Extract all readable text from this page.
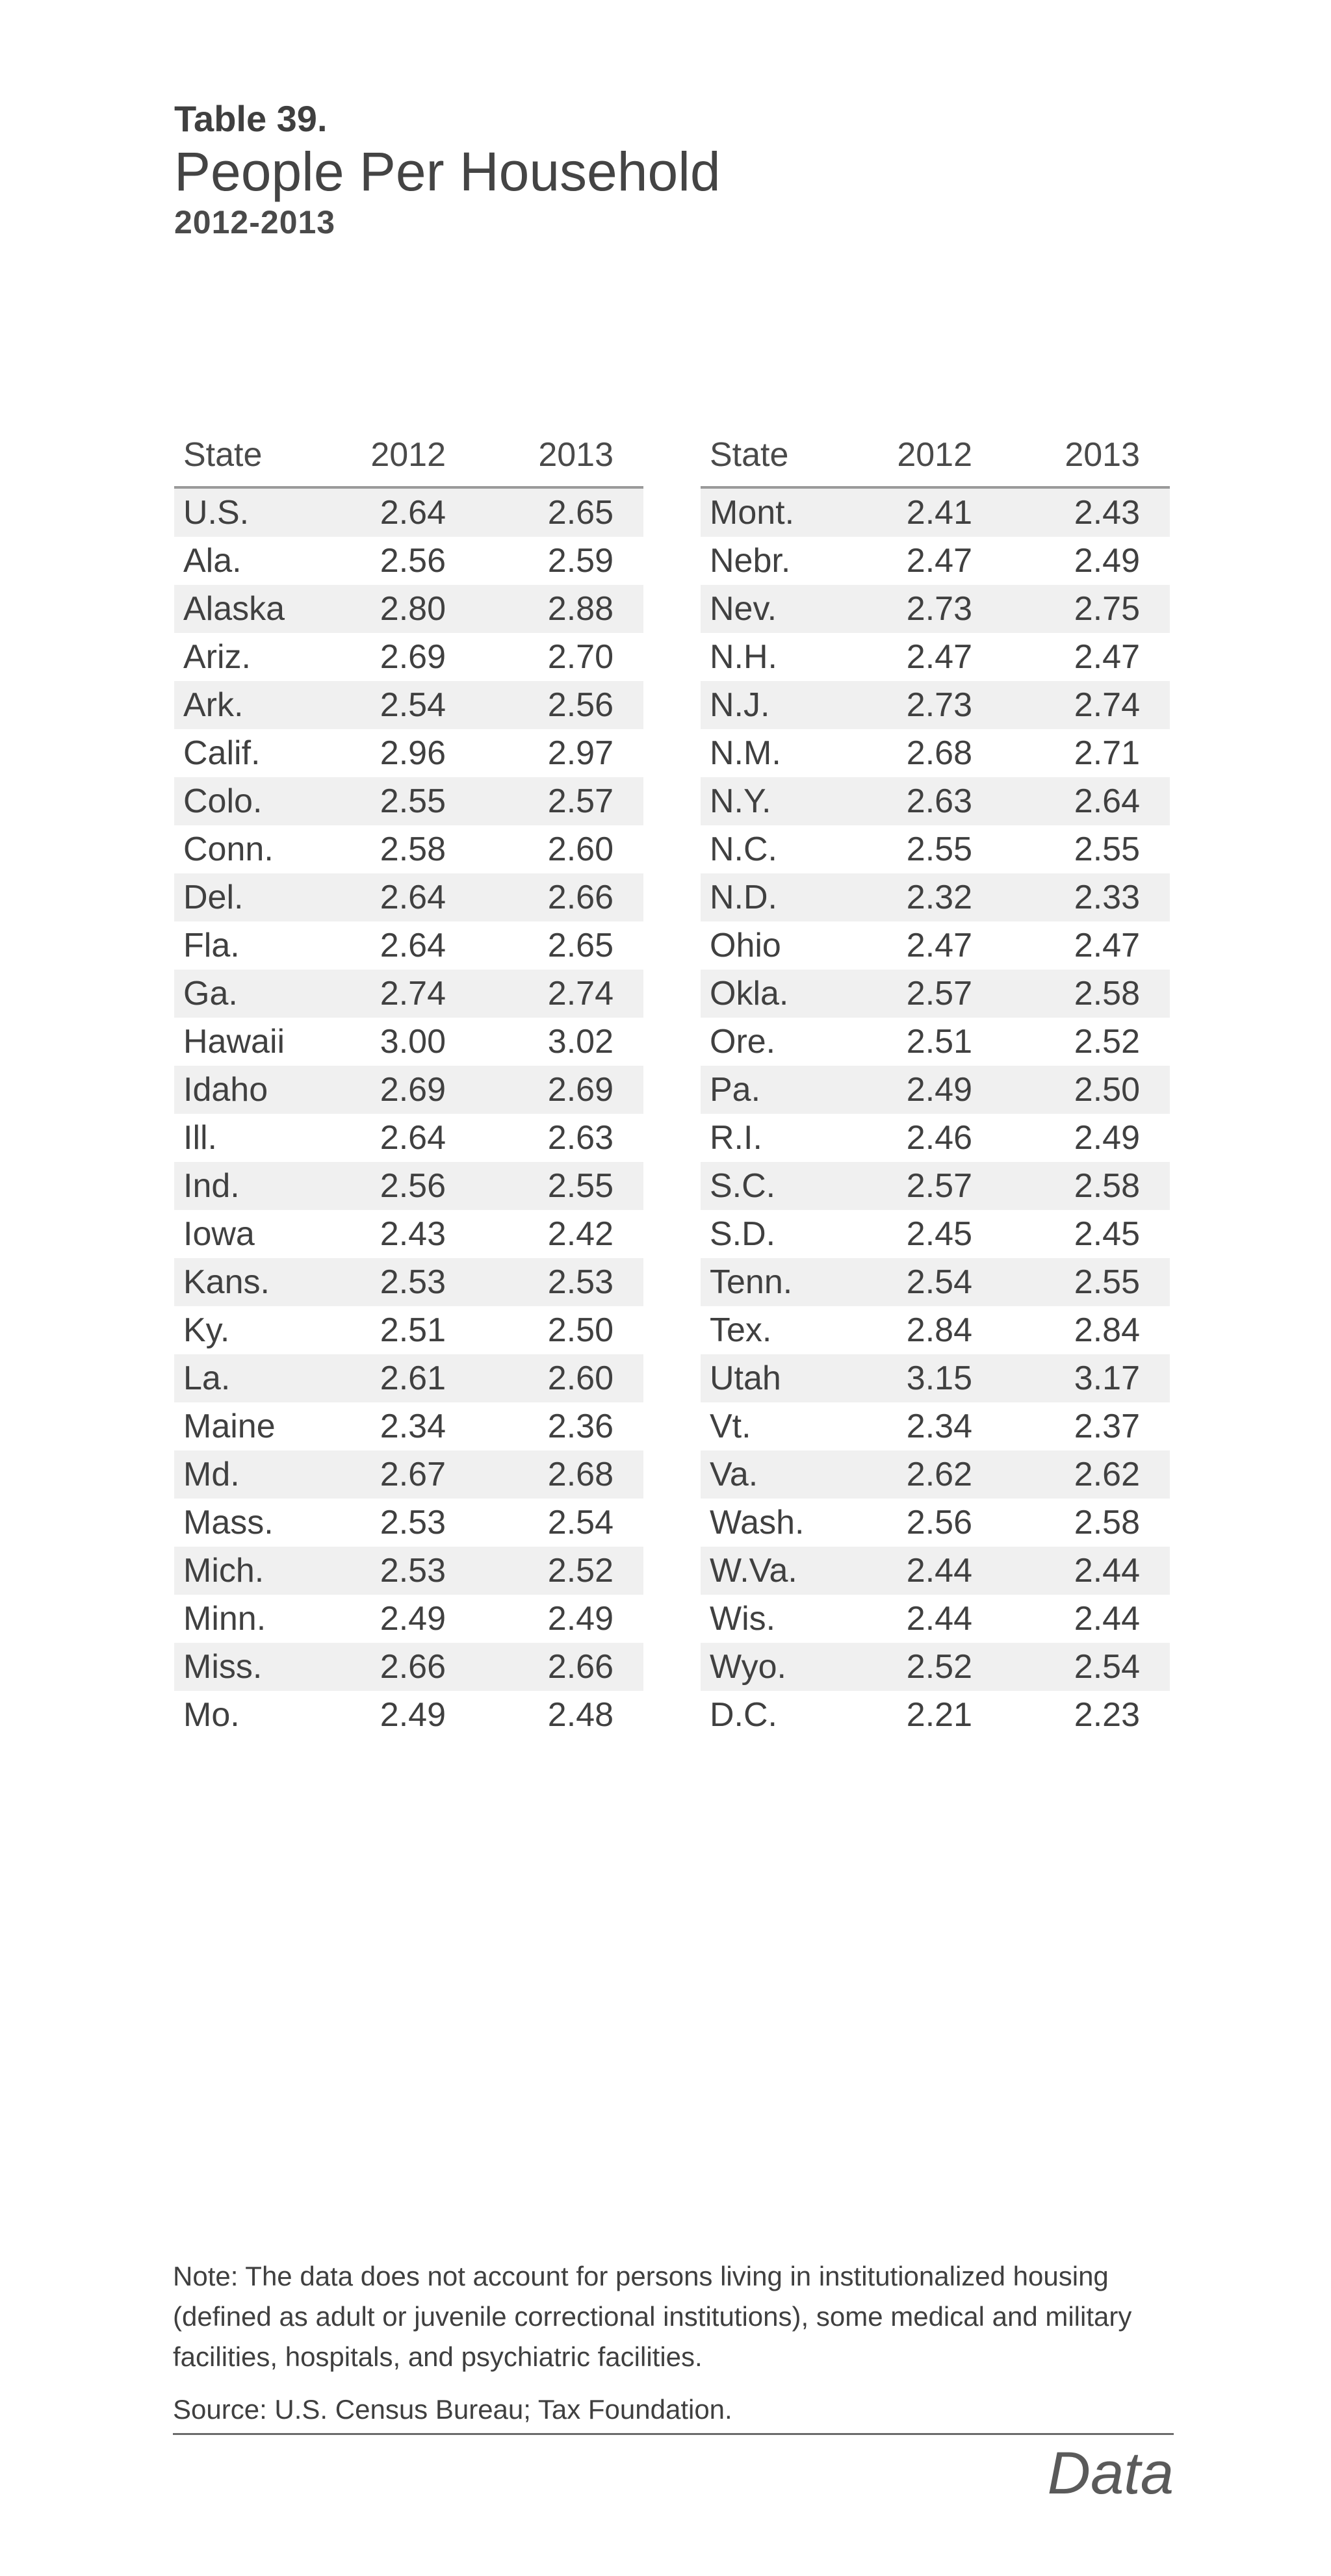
Table 39.
People Per Household
2012-2013
State	2012	2013
U.S.	2.64	2.65
Ala.	2.56	2.59
Alaska	2.80	2.88
Ariz.	2.69	2.70
Ark.	2.54	2.56
Calif.	2.96	2.97
Colo.	2.55	2.57
Conn.	2.58	2.60
Del.	2.64	2.66
Fla.	2.64	2.65
Ga.	2.74	2.74
Hawaii	3.00	3.02
Idaho	2.69	2.69
Ill.	2.64	2.63
Ind.	2.56	2.55
Iowa	2.43	2.42
Kans.	2.53	2.53
Ky.	2.51	2.50
La.	2.61	2.60
Maine	2.34	2.36
Md.	2.67	2.68
Mass.	2.53	2.54
Mich.	2.53	2.52
Minn.	2.49	2.49
Miss.	2.66	2.66
Mo.	2.49	2.48
State	2012	2013
Mont.	2.41	2.43
Nebr.	2.47	2.49
Nev.	2.73	2.75
N.H.	2.47	2.47
N.J.	2.73	2.74
N.M.	2.68	2.71
N.Y.	2.63	2.64
N.C.	2.55	2.55
N.D.	2.32	2.33
Ohio	2.47	2.47
Okla.	2.57	2.58
Ore.	2.51	2.52
Pa.	2.49	2.50
R.I.	2.46	2.49
S.C.	2.57	2.58
S.D.	2.45	2.45
Tenn.	2.54	2.55
Tex.	2.84	2.84
Utah	3.15	3.17
Vt.	2.34	2.37
Va.	2.62	2.62
Wash.	2.56	2.58
W.Va.	2.44	2.44
Wis.	2.44	2.44
Wyo.	2.52	2.54
D.C.	2.21	2.23
Note: The data does not account for persons living in institutionalized housing (defined as adult or juvenile correctional institutions), some medical and military facilities, hospitals, and psychiatric facilities.
Source: U.S. Census Bureau; Tax Foundation.
Data
